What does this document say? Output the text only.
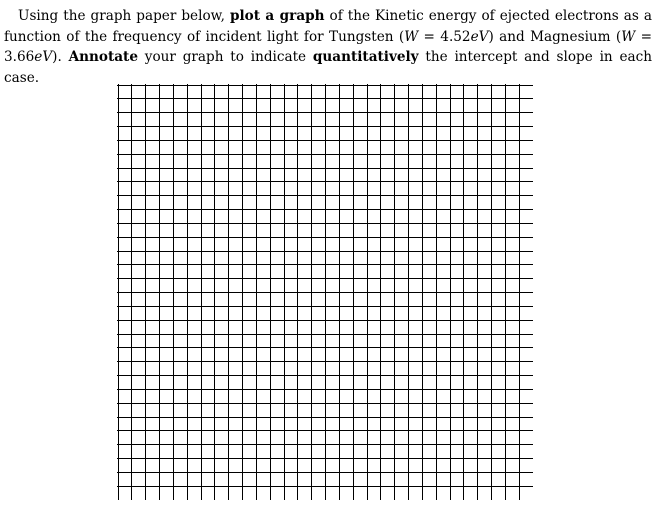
Using the graph paper below, plot a graph of the Kinetic energy of ejected electrons as a function of the frequency of incident light for Tungsten (W = 4.52eV) and Magnesium (W = 3.66eV). Annotate your graph to indicate quantitatively the intercept and slope in each case.
